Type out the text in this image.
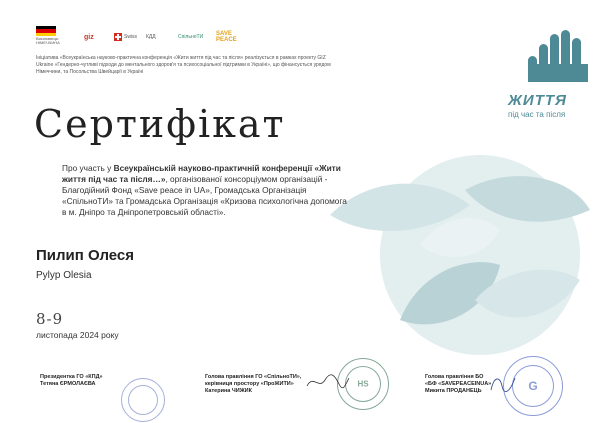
Виконавець: НІМЕЧЧИНА
giz	Swiss КДД	СпільноТИ	SAVE PEACE
Ініціатива «Всеукраїнська науково-практична конференція «Жити життя під час та після» реалізується в рамках проекту GIZ Ukraine «Гендерно-чутливі підходи до ментального здоров'я та психосоціальної підтримки в Україні», що фінансується урядом Німеччини, та Посольства Швейцарії в Україні
ЖИТИ
ЖИТТЯ
під час та після
Сертифікат
Про участь у Всеукраїнській науково-практичній конференції «Жити життя під час та після…», організованої консорціумом організацій - Благодійний Фонд «Save peace in UA», Громадська Організація «СпільноТИ» та Громадська Організація «Кризова психологічна допомога в м. Дніпро та Дніпропетровській області».
Пилип Олеся
Pylyp Olesia
8-9
листопада 2024 року
Президентка ГО «КПД»
Тетяна ЄРМОЛАЄВА
Голова правління ГО «СпільноТИ»,
керівниця простору «ПроЖИТИ»
Катерина ЧИЖИК
Голова правління БО
«БФ «SAVEPEACEINUA»
Микита ПРОДАНЕЦЬ
HS	G
